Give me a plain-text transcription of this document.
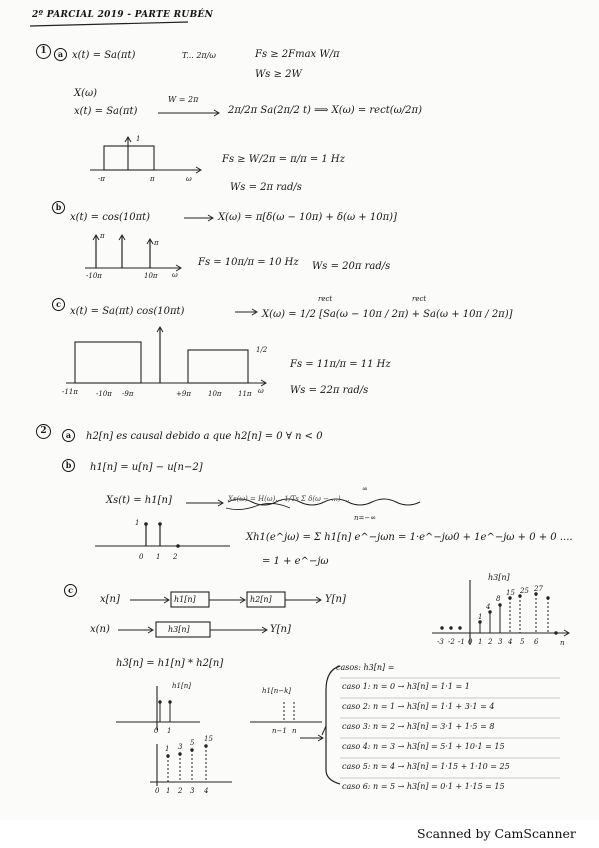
2º PARCIAL 2019 - PARTE RUBÉN
1	a x(t) = Sa(πt)	T... 2π/ω	Fs ≥ 2Fmax W/π
Ws ≥ 2W
X(ω)
x(t) = Sa(πt)
W = 2π
2π/2π Sa(2π/2 t) ⟹ X(ω) = rect(ω/2π)
1
-π	π	ω
Fs ≥ W/2π = π/π = 1 Hz
Ws = 2π rad/s
b
x(t) = cos(10πt)	X(ω) = π[δ(ω − 10π) + δ(ω + 10π)]
π
π
-10π	10π ω
Fs = 10π/π = 10 Hz Ws = 20π rad/s
c
x(t) = Sa(πt) cos(10πt)
rect	rect
X(ω) = 1/2 [Sa(ω − 10π / 2π) + Sa(ω + 10π / 2π)]
1/2
-11π	-10π -9π	+9π 10π 11π ω
Fs = 11π/π = 11 Hz
Ws = 22π rad/s
2	a	h2[n] es causal debido a que h2[n] = 0 ∀ n < 0
b	h1[n] = u[n] − u[n−2]
Xs(t) = h1[n]	Xs(ω) = H(ω)... 1/Ts Σ δ(ω − ...) ...
∞
n=−∞
Xh1(e^jω) = Σ h1[n] e^−jωn = 1·e^−jω0 + 1e^−jω + 0 + 0 ....
= 1 + e^−jω
1
0 1 2
c
x[n]	h1[n]	h2[n]	Y[n]
x(n)	h3[n]	Y[n]
h3[n] = h1[n] * h2[n]
h1[n]
0 1
h1[n−k]
n−1 n
1 3 5 15
0 1 2 3 4
h3[n]
1
4
8
15 25 27
-3 -2 -1 0 1 2 3 4 5 6	n
casos: h3[n] =
caso 1: n = 0 → h3[n] = 1·1 = 1
caso 2: n = 1 → h3[n] = 1·1 + 3·1 = 4
caso 3: n = 2 → h3[n] = 3·1 + 1·5 = 8
caso 4: n = 3 → h3[n] = 5·1 + 10·1 = 15
caso 5: n = 4 → h3[n] = 1·15 + 1·10 = 25
caso 6: n = 5 → h3[n] = 0·1 + 1·15 = 15
Scanned by CamScanner
